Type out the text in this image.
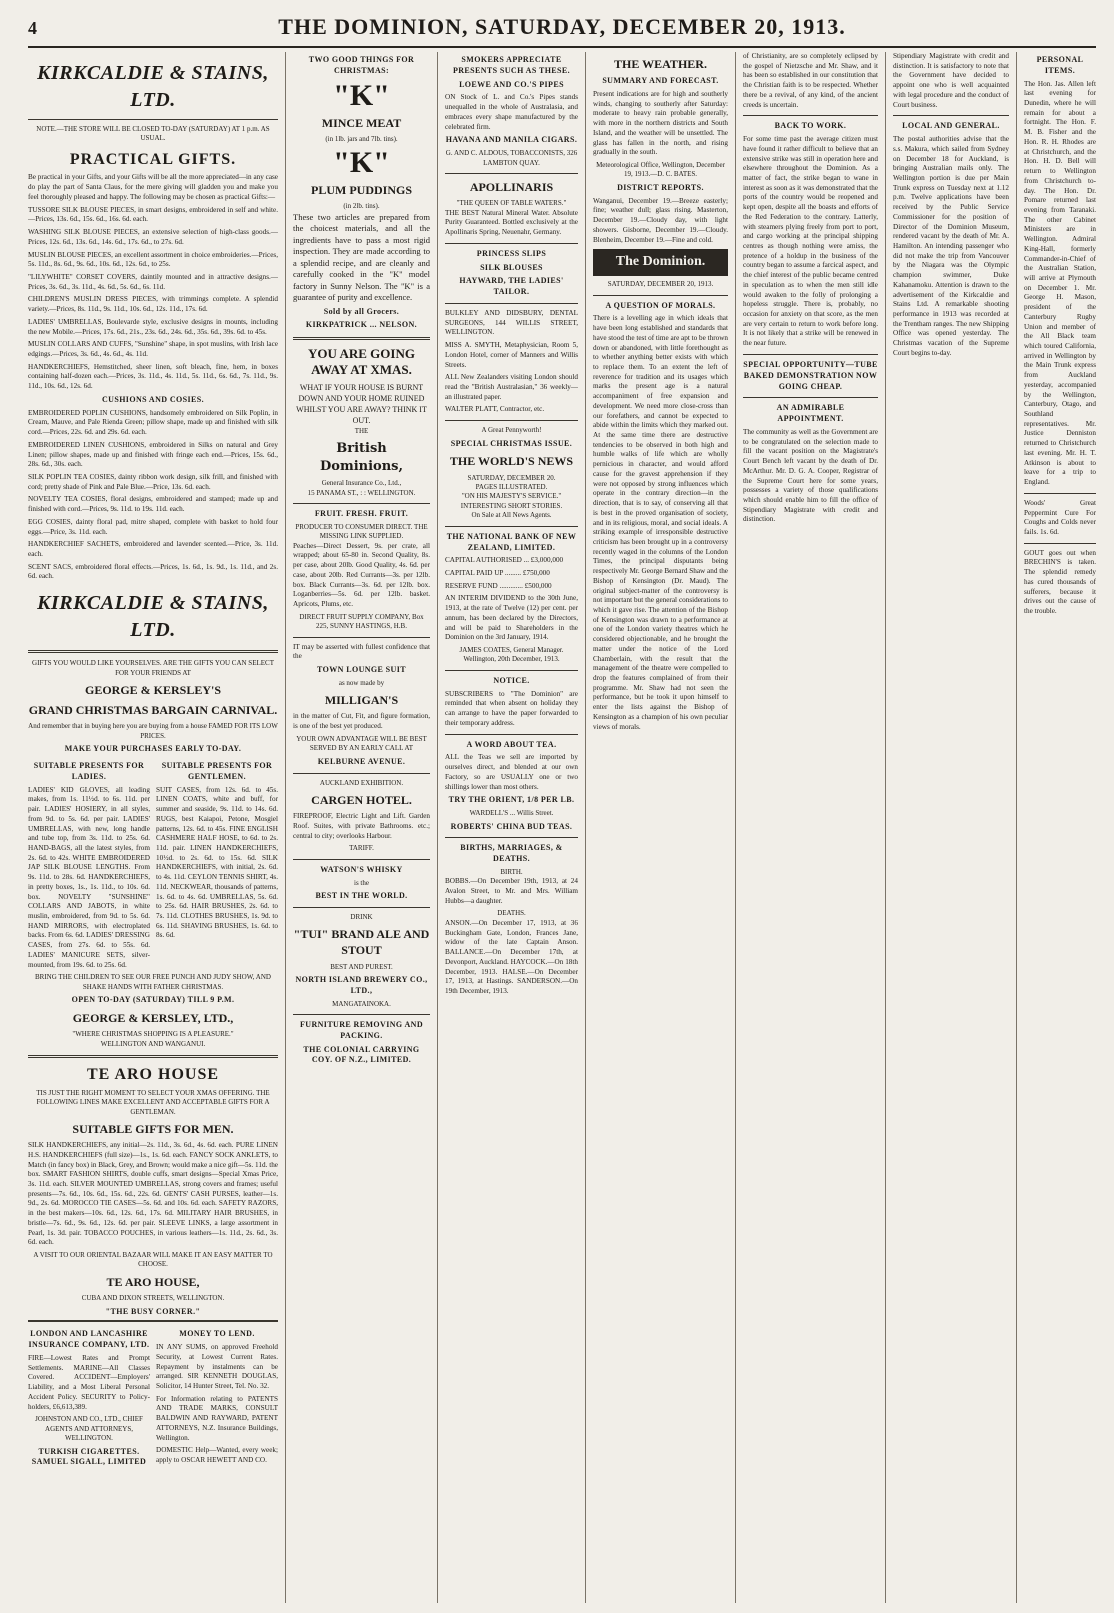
4	THE DOMINION, SATURDAY, DECEMBER 20, 1913.
KIRKCALDIE & STAINS, LTD.
NOTE.—THE STORE WILL BE CLOSED TO-DAY (SATURDAY) AT 1 p.m. AS USUAL.
PRACTICAL GIFTS.
Be practical in your Gifts, and your Gifts will be all the more appreciated—in any case do play the part of Santa Claus, for the mere giving will gladden you and make you feel thoroughly pleased and happy. The following may be chosen as practical Gifts:—
TUSSORE SILK BLOUSE PIECES, in smart designs, embroidered in self and white.—Prices, 13s. 6d., 15s. 6d., 16s. 6d. each.
WASHING SILK BLOUSE PIECES, an extensive selection of high-class goods.—Prices, 12s. 6d., 13s. 6d., 14s. 6d., 17s. 6d., to 27s. 6d.
MUSLIN BLOUSE PIECES, an excellent assortment in choice embroideries.—Prices, 5s. 11d., 8s. 6d., 9s. 6d., 10s. 6d., 12s. 6d., to 25s.
"LILYWHITE" CORSET COVERS, daintily mounted and in attractive designs.—Prices, 3s. 6d., 3s. 11d., 4s. 6d., 5s. 6d., 6s. 11d.
CHILDREN'S MUSLIN DRESS PIECES, with trimmings complete. A splendid variety.—Prices, 8s. 11d., 9s. 11d., 10s. 6d., 12s. 11d., 17s. 6d.
LADIES' UMBRELLAS, Boulevarde style, exclusive designs in mounts, including the new Mobile.—Prices, 17s. 6d., 21s., 23s. 6d., 24s. 6d., 35s. 6d., 39s. 6d. to 45s.
MUSLIN COLLARS AND CUFFS, "Sunshine" shape, in spot muslins, with Irish lace edgings.—Prices, 3s. 6d., 4s. 6d., 4s. 11d.
HANDKERCHIEFS, Hemstitched, sheer linen, soft bleach, fine, hem, in boxes containing half-dozen each.—Prices, 3s. 11d., 4s. 11d., 5s. 11d., 6s. 6d., 7s. 11d., 9s. 11d., 10s. 6d., 12s. 6d.
CUSHIONS AND COSIES.
EMBROIDERED POPLIN CUSHIONS, handsomely embroidered on Silk Poplin, in Cream, Mauve, and Pale Rienda Green; pillow shape, made up and finished with silk cord.—Prices, 22s. 6d. and 29s. 6d. each.
EMBROIDERED LINEN CUSHIONS, embroidered in Silks on natural and Grey Linen; pillow shapes, made up and finished with fringe each end.—Prices, 15s. 6d., 28s. 6d., 30s. each.
SILK POPLIN TEA COSIES, dainty ribbon work design, silk frill, and finished with cord; pretty shade of Pink and Pale Blue.—Price, 13s. 6d. each.
NOVELTY TEA COSIES, floral designs, embroidered and stamped; made up and finished with cord.—Prices, 9s. 11d. to 19s. 11d. each.
EGG COSIES, dainty floral pad, mitre shaped, complete with basket to hold four eggs.—Price, 3s. 11d. each.
HANDKERCHIEF SACHETS, embroidered and lavender scented.—Price, 3s. 11d. each.
SCENT SACS, embroidered floral effects.—Prices, 1s. 6d., 1s. 9d., 1s. 11d., and 2s. 6d. each.
KIRKCALDIE & STAINS, LTD.
GIFTS YOU WOULD LIKE YOURSELVES. ARE THE GIFTS YOU CAN SELECT FOR YOUR FRIENDS AT
GEORGE & KERSLEY'S
GRAND CHRISTMAS BARGAIN CARNIVAL.
And remember that in buying here you are buying from a house FAMED FOR ITS LOW PRICES.
MAKE YOUR PURCHASES EARLY TO-DAY.
SUITABLE PRESENTS FOR LADIES.
LADIES' KID GLOVES, all leading makes, from 1s. 11½d. to 6s. 11d. per pair. LADIES' HOSIERY, in all styles, from 9d. to 5s. 6d. per pair. LADIES' UMBRELLAS, with new, long handle and tube top, from 3s. 11d. to 25s. 6d. HAND-BAGS, all the latest styles, from 2s. 6d. to 42s. WHITE EMBROIDERED JAP SILK BLOUSE LENGTHS. From 9s. 11d. to 28s. 6d. HANDKERCHIEFS, in pretty boxes, 1s., 1s. 11d., to 10s. 6d. box. NOVELTY "SUNSHINE" COLLARS AND JABOTS, in white muslin, embroidered, from 9d. to 5s. 6d. HAND MIRRORS, with electroplated backs. From 6s. 6d. LADIES' DRESSING CASES, from 27s. 6d. to 55s. 6d. LADIES' MANICURE SETS, silver-mounted, from 19s. 6d. to 25s. 6d.
SUITABLE PRESENTS FOR GENTLEMEN.
SUIT CASES, from 12s. 6d. to 45s. LINEN COATS, white and buff, for summer and seaside, 9s. 11d. to 14s. 6d. RUGS, best Kaiapoi, Petone, Mosgiel patterns, 12s. 6d. to 45s. FINE ENGLISH CASHMERE HALF HOSE, to 6d. to 2s. 11d. pair. LINEN HANDKERCHIEFS, 10½d. to 2s. 6d. to 15s. 6d. SILK HANDKERCHIEFS, with initial, 2s. 6d. to 4s. 11d. CEYLON TENNIS SHIRT, 4s. 11d. NECKWEAR, thousands of patterns, 1s. 6d. to 4s. 6d. UMBRELLAS, 5s. 6d. to 25s. 6d. HAIR BRUSHES, 2s. 6d. to 7s. 11d. CLOTHES BRUSHES, 1s. 9d. to 6s. 11d. SHAVING BRUSHES, 1s. 6d. to 8s. 6d.
BRING THE CHILDREN TO SEE OUR FREE PUNCH AND JUDY SHOW, AND SHAKE HANDS WITH FATHER CHRISTMAS.
OPEN TO-DAY (SATURDAY) TILL 9 P.M.
GEORGE & KERSLEY, LTD.,
"WHERE CHRISTMAS SHOPPING IS A PLEASURE."
WELLINGTON AND WANGANUI.
TE ARO HOUSE
TIS JUST THE RIGHT MOMENT TO SELECT YOUR XMAS OFFERING. THE FOLLOWING LINES MAKE EXCELLENT AND ACCEPTABLE GIFTS FOR A GENTLEMAN.
SUITABLE GIFTS FOR MEN.
SILK HANDKERCHIEFS, any initial—2s. 11d., 3s. 6d., 4s. 6d. each. PURE LINEN H.S. HANDKERCHIEFS (full size)—1s., 1s. 6d. each. FANCY SOCK ANKLETS, to Match (in fancy box) in Black, Grey, and Brown; would make a nice gift—5s. 11d. the box. SMART FASHION SHIRTS, double cuffs, smart designs—Special Xmas Price, 3s. 11d. each. SILVER MOUNTED UMBRELLAS, strong covers and frames; useful presents—7s. 6d., 10s. 6d., 15s. 6d., 22s. 6d. GENTS' CASH PURSES, leather—1s. 9d., 2s. 6d. MOROCCO TIE CASES—5s. 6d. and 10s. 6d. each. SAFETY RAZORS, in the best makers—10s. 6d., 12s. 6d., 17s. 6d. MILITARY HAIR BRUSHES, in bristle—7s. 6d., 9s. 6d., 12s. 6d. per pair. SLEEVE LINKS, a large assortment in Pearl, 1s. 3d. pair. TOBACCO POUCHES, in various leathers—1s. 11d., 2s. 6d., 3s. 6d. each.
A VISIT TO OUR ORIENTAL BAZAAR WILL MAKE IT AN EASY MATTER TO CHOOSE.
TE ARO HOUSE,
CUBA AND DIXON STREETS, WELLINGTON.
"THE BUSY CORNER."
LONDON AND LANCASHIRE INSURANCE COMPANY, LTD.
FIRE—Lowest Rates and Prompt Settlements. MARINE—All Classes Covered. ACCIDENT—Employers' Liability, and a Most Liberal Personal Accident Policy. SECURITY to Policy-holders, £6,613,389.
JOHNSTON AND CO., LTD., CHIEF AGENTS AND ATTORNEYS, WELLINGTON.
TURKISH CIGARETTES. SAMUEL SIGALL, LIMITED
MONEY TO LEND.
IN ANY SUMS, on approved Freehold Security, at Lowest Current Rates. Repayment by instalments can be arranged. SIR KENNETH DOUGLAS, Solicitor, 14 Hunter Street, Tel. No. 32.
For Information relating to PATENTS AND TRADE MARKS, CONSULT BALDWIN AND RAYWARD, PATENT ATTORNEYS, N.Z. Insurance Buildings, Wellington.
DOMESTIC Help—Wanted, every week; apply to OSCAR HEWETT AND CO.
TWO GOOD THINGS FOR CHRISTMAS:
"K"
MINCE MEAT
(in 1lb. jars and 7lb. tins).
"K"
PLUM PUDDINGS
(in 2lb. tins).
These two articles are prepared from the choicest materials, and all the ingredients have to pass a most rigid inspection. They are made according to a splendid recipe, and are cleanly and carefully cooked in the "K" model factory in Sunny Nelson. The "K" is a guarantee of purity and excellence.
Sold by all Grocers.
KIRKPATRICK ... NELSON.
YOU ARE GOING AWAY AT XMAS.
WHAT IF YOUR HOUSE IS BURNT DOWN AND YOUR HOME RUINED WHILST YOU ARE AWAY? THINK IT OUT.
THE
British Dominions,
General Insurance Co., Ltd.,
15 PANAMA ST., : : WELLINGTON.
FRUIT. FRESH. FRUIT.
PRODUCER TO CONSUMER DIRECT. THE MISSING LINK SUPPLIED.
Peaches—Direct Dessert, 9s. per crate, all wrapped; about 65-80 in. Second Quality, 8s. per case, about 20lb. Good Quality, 4s. 6d. per case, about 20lb. Red Currants—3s. per 12lb. box. Black Currants—3s. 6d. per 12lb. box. Loganberries—5s. 6d. per 12lb. basket. Apricots, Plums, etc.
DIRECT FRUIT SUPPLY COMPANY, Box 225, SUNNY HASTINGS, H.B.
IT may be asserted with fullest confidence that the
TOWN LOUNGE SUIT
as now made by
MILLIGAN'S
in the matter of Cut, Fit, and figure formation, is one of the best yet produced.
YOUR OWN ADVANTAGE WILL BE BEST SERVED BY AN EARLY CALL AT
KELBURNE AVENUE.
AUCKLAND EXHIBITION.
CARGEN HOTEL.
FIREPROOF, Electric Light and Lift. Garden Roof. Suites, with private Bathrooms. etc.; central to city; overlooks Harbour.
TARIFF.
WATSON'S WHISKY
is the
BEST IN THE WORLD.
DRINK
"TUI" BRAND ALE AND STOUT
BEST AND PUREST.
NORTH ISLAND BREWERY CO., LTD.,
MANGATAINOKA.
FURNITURE REMOVING AND PACKING.
THE COLONIAL CARRYING COY. OF N.Z., LIMITED.
SMOKERS APPRECIATE PRESENTS SUCH AS THESE.
LOEWE AND CO.'S PIPES
ON Stock of L. and Co.'s Pipes stands unequalled in the whole of Australasia, and embraces every shape manufactured by the celebrated firm.
HAVANA AND MANILA CIGARS.
G. AND C. ALDOUS, TOBACCONISTS, 326 LAMBTON QUAY.
APOLLINARIS
"THE QUEEN OF TABLE WATERS."
THE BEST Natural Mineral Water. Absolute Purity Guaranteed. Bottled exclusively at the Apollinaris Spring, Neuenahr, Germany.
PRINCESS SLIPS
SILK BLOUSES
HAYWARD, THE LADIES' TAILOR.
BULKLEY AND DIDSBURY, DENTAL SURGEONS, 144 WILLIS STREET, WELLINGTON.
MISS A. SMYTH, Metaphysician, Room 5, London Hotel, corner of Manners and Willis Streets.
ALL New Zealanders visiting London should read the "British Australasian," 36 weekly—an illustrated paper.
WALTER PLATT, Contractor, etc.
A Great Pennyworth!
SPECIAL CHRISTMAS ISSUE.
THE WORLD'S NEWS
SATURDAY, DECEMBER 20.
PAGES ILLUSTRATED.
"ON HIS MAJESTY'S SERVICE."
INTERESTING SHORT STORIES.
On Sale at All News Agents.
THE NATIONAL BANK OF NEW ZEALAND, LIMITED.
CAPITAL AUTHORISED ... £3,000,000
CAPITAL PAID UP ......... £750,000
RESERVE FUND ............. £500,000
AN INTERIM DIVIDEND to the 30th June, 1913, at the rate of Twelve (12) per cent. per annum, has been declared by the Directors, and will be paid to Shareholders in the Dominion on the 3rd January, 1914.
JAMES COATES, General Manager. Wellington, 20th December, 1913.
NOTICE.
SUBSCRIBERS to "The Dominion" are reminded that when absent on holiday they can arrange to have the paper forwarded to their temporary address.
A WORD ABOUT TEA.
ALL the Teas we sell are imported by ourselves direct, and blended at our own Factory, so are USUALLY one or two shillings lower than most others.
TRY THE ORIENT, 1/8 PER LB.
WARDELL'S ... Willis Street.
ROBERTS' CHINA BUD TEAS.
BIRTHS, MARRIAGES, & DEATHS.
BIRTH.
BOBBS.—On December 19th, 1913, at 24 Avalon Street, to Mr. and Mrs. William Hubbs—a daughter.
DEATHS.
ANSON.—On December 17, 1913, at 36 Buckingham Gate, London, Frances Jane, widow of the late Captain Anson. BALLANCE.—On December 17th, at Devonport, Auckland. HAYCOCK.—On 18th December, 1913. HALSE.—On December 17, 1913, at Hastings. SANDERSON.—On 19th December, 1913.
THE WEATHER.
SUMMARY AND FORECAST.
Present indications are for high and southerly winds, changing to southerly after Saturday: moderate to heavy rain probable generally, with more in the northern districts and South Island, and the weather will be unsettled. The glass has fallen in the north, and rising gradually in the south.
Meteorological Office, Wellington, December 19, 1913.—D. C. BATES.
DISTRICT REPORTS.
Wanganui, December 19.—Breeze easterly; fine; weather dull; glass rising. Masterton, December 19.—Cloudy day, with light showers. Gisborne, December 19.—Cloudy. Blenheim, December 19.—Fine and cold.
The Dominion.
SATURDAY, DECEMBER 20, 1913.
A QUESTION OF MORALS.
There is a levelling age in which ideals that have been long established and standards that have stood the test of time are apt to be thrown down or abandoned, with little forethought as to whether anything better exists with which to replace them. To an extent the left of reverence for tradition and its usages which marks the present age is a natural accompaniment of free expansion and development. We need more close-cross than our forefathers, and cannot be expected to abide within the limits which they marked out. At the same time there are destructive tendencies to be observed in both high and humble walks of life which are wholly pernicious in character, and would afford cause for the gravest apprehension if they were not opposed by strong influences which operate in the contrary direction—in the direction, that is to say, of conserving all that is best in the proved organisation of society, and in its religious, moral, and social ideals. A striking example of irresponsible destructive criticism has been brought up in a controversy recently waged in the columns of the London Times, the principal disputants being respectively Mr. George Bernard Shaw and the Bishop of Kensington (Dr. Maud). The original subject-matter of the controversy is not important but the general considerations to which it gave rise. The attention of the Bishop of Kensington was drawn to a performance at one of the London variety theatres which he considered objectionable, and he brought the matter under the notice of the Lord Chamberlain, with the result that the management of the theatre were compelled to drop the features complained of from their programme. Mr. Shaw had not seen the performance, but he took it upon himself to enter the lists against the Bishop of Kensington as a champion of his own peculiar views of morals.
of Christianity, are so completely eclipsed by the gospel of Nietzsche and Mr. Shaw, and it has been so established in our constitution that the Christian faith is to be respected. Whether there be a revival, of any kind, of the ancient creeds is uncertain.
BACK TO WORK.
For some time past the average citizen must have found it rather difficult to believe that an extensive strike was still in operation here and elsewhere throughout the Dominion. As a matter of fact, the strike began to wane in interest as soon as it was demonstrated that the ports of the country would be reopened and kept open, despite all the boasts and efforts of the Red Federation to the contrary. Latterly, with steamers plying freely from port to port, and cargo working at the principal shipping centres as though nothing were amiss, the pretence of a holdup in the business of the country began to assume a farcical aspect, and the chief interest of the public became centred in speculation as to when the men still idle would awaken to the folly of prolonging a hopeless struggle. There is, probably, no occasion for anxiety on that score, as the men are very certain to return to work before long. It is not likely that a strike will be renewed in the near future.
SPECIAL OPPORTUNITY—TUBE BAKED DEMONSTRATION NOW GOING CHEAP.
AN ADMIRABLE APPOINTMENT.
The community as well as the Government are to be congratulated on the selection made to fill the vacant position on the Magistrate's Court Bench left vacant by the death of Dr. McArthur. Mr. D. G. A. Cooper, Registrar of the Supreme Court here for some years, possesses a variety of those qualifications which should enable him to fill the office of Stipendiary Magistrate with credit and distinction.
Stipendiary Magistrate with credit and distinction. It is satisfactory to note that the Government have decided to appoint one who is well acquainted with legal procedure and the conduct of Court business.
LOCAL AND GENERAL.
The postal authorities advise that the s.s. Makura, which sailed from Sydney on December 18 for Auckland, is bringing Australian mails only. The Wellington portion is due per Main Trunk express on Tuesday next at 1.12 p.m. Twelve applications have been received by the Public Service Commissioner for the position of Director of the Dominion Museum, rendered vacant by the death of Mr. A. Hamilton. An intending passenger who did not make the trip from Vancouver by the Niagara was the Olympic champion swimmer, Duke Kahanamoku. Attention is drawn to the advertisement of the Kirkcaldie and Stains Ltd. A remarkable shooting performance in 1913 was recorded at the Trentham ranges. The new Shipping Office was opened yesterday. The Christmas vacation of the Supreme Court begins to-day.
PERSONAL ITEMS.
The Hon. Jas. Allen left last evening for Dunedin, where he will remain for about a fortnight. The Hon. F. M. B. Fisher and the Hon. R. H. Rhodes are at Christchurch, and the Hon. H. D. Bell will return to Wellington from Christchurch to-day. The Hon. Dr. Pomare returned last evening from Taranaki. The other Cabinet Ministers are in Wellington. Admiral King-Hall, formerly Commander-in-Chief of the Australian Station, will arrive at Plymouth on December 1. Mr. George H. Mason, president of the Canterbury Rugby Union and member of the All Black team which toured California, arrived in Wellington by the Main Trunk express from Auckland yesterday, accompanied by the Wellington, Canterbury, Otago, and Southland representatives. Mr. Justice Denniston returned to Christchurch last evening. Mr. H. T. Atkinson is about to leave for a trip to England.
Woods' Great Peppermint Cure For Coughs and Colds never fails. 1s. 6d.
GOUT goes out when BRECHIN'S is taken. The splendid remedy has cured thousands of sufferers, because it drives out the cause of the trouble.
